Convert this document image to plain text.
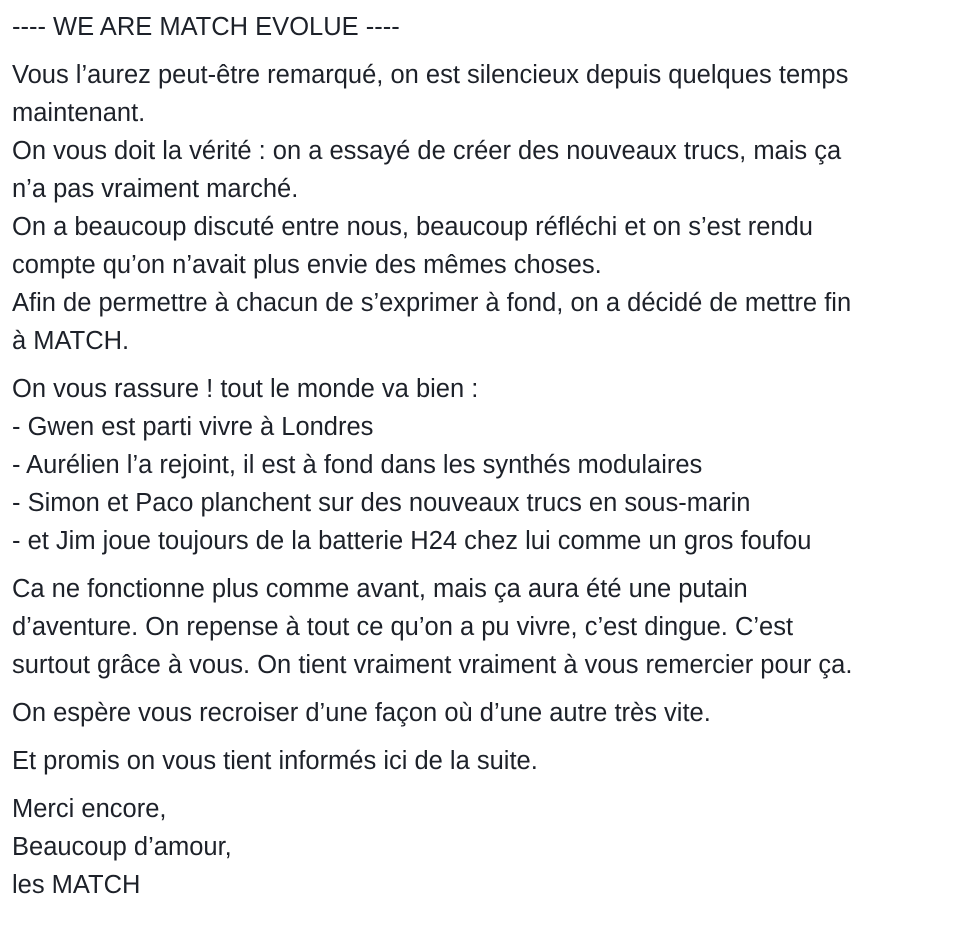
---- WE ARE MATCH EVOLUE ----

Vous l’aurez peut-être remarqué, on est silencieux depuis quelques temps
maintenant.
On vous doit la vérité : on a essayé de créer des nouveaux trucs, mais ça
n’a pas vraiment marché.
On a beaucoup discuté entre nous, beaucoup réfléchi et on s’est rendu
compte qu’on n’avait plus envie des mêmes choses.
Afin de permettre à chacun de s’exprimer à fond, on a décidé de mettre fin
à MATCH.

On vous rassure ! tout le monde va bien :
- Gwen est parti vivre à Londres
- Aurélien l’a rejoint, il est à fond dans les synthés modulaires
- Simon et Paco planchent sur des nouveaux trucs en sous-marin
- et Jim joue toujours de la batterie H24 chez lui comme un gros foufou

Ca ne fonctionne plus comme avant, mais ça aura été une putain
d’aventure. On repense à tout ce qu’on a pu vivre, c’est dingue. C’est
surtout grâce à vous. On tient vraiment vraiment à vous remercier pour ça.

On espère vous recroiser d’une façon où d’une autre très vite.

Et promis on vous tient informés ici de la suite.

Merci encore,
Beaucoup d’amour,
les MATCH
